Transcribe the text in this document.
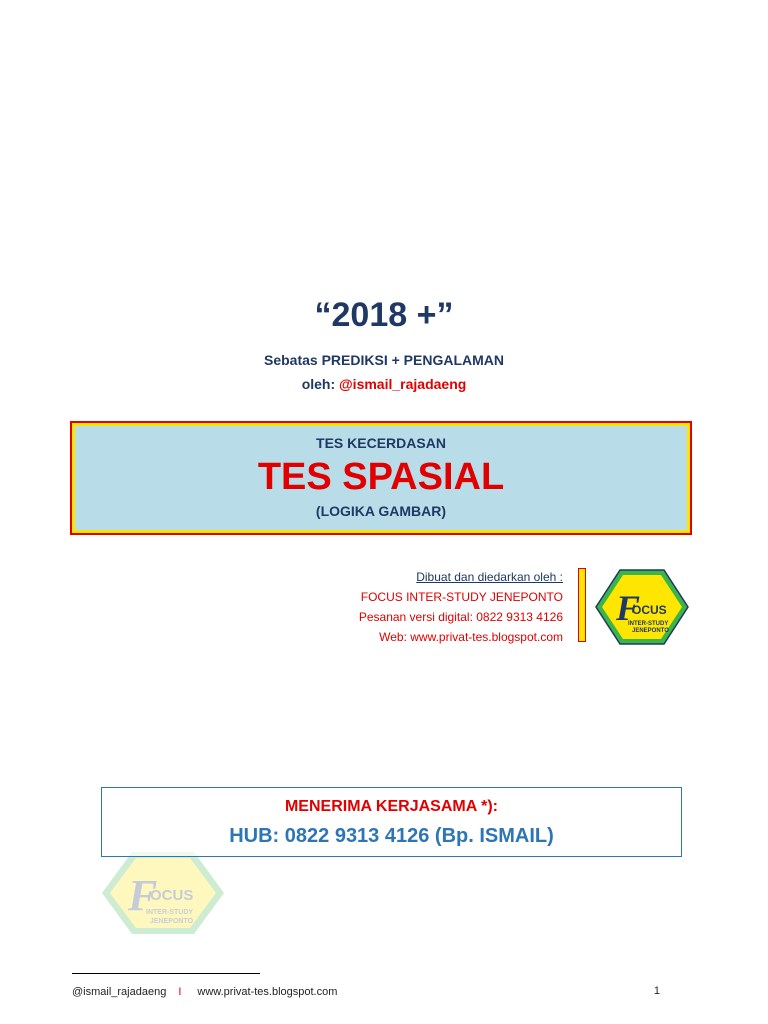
“2018 +”
Sebatas PREDIKSI + PENGALAMAN
oleh: @ismail_rajadaeng
TES KECERDASAN
TES SPASIAL
(LOGIKA GAMBAR)
Dibuat dan diedarkan oleh :
FOCUS INTER-STUDY JENEPONTO
Pesanan versi digital: 0822 9313 4126
Web: www.privat-tes.blogspot.com
F
OCUS
INTER-STUDY
JENEPONTO
F
OCUS
INTER-STUDY
JENEPONTO
MENERIMA KERJASAMA *):
HUB: 0822 9313 4126 (Bp. ISMAIL)
@ismail_rajadaeng I www.privat-tes.blogspot.com	1
